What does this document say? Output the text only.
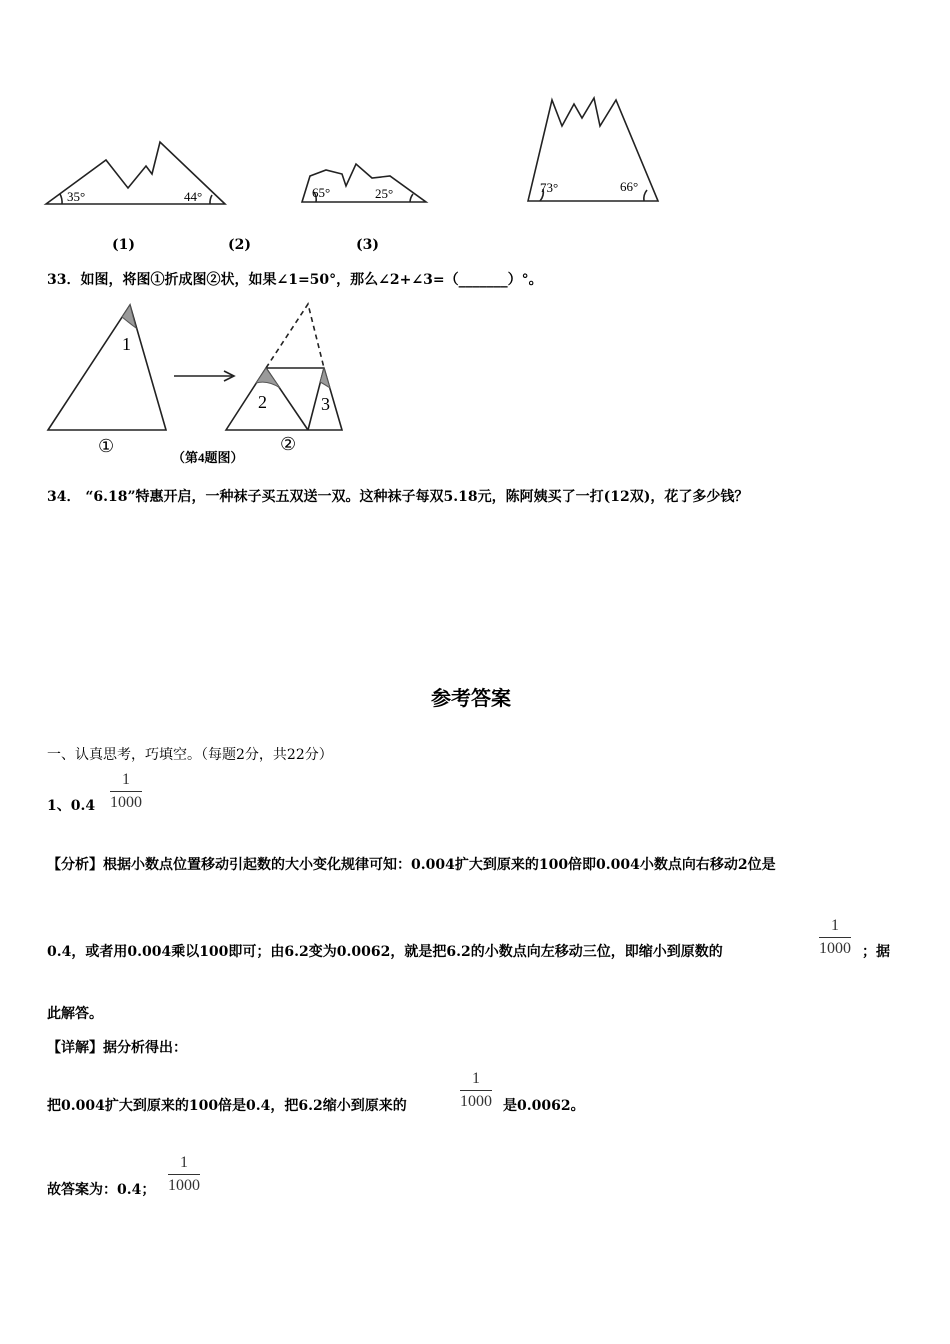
35°	44°	65°	25°	73°	66°
(1)	(2)	(3)
33．如图，将图①折成图②状，如果∠1=50°，那么∠2+∠3=（_______）°。
1
2	3
①
（第4题图）
②
34． “6.18”特惠开启，一种袜子买五双送一双。这种袜子每双5.18元，陈阿姨买了一打(12双)，花了多少钱？
参考答案
一、认真思考，巧填空。（每题2分，共22分）
1、0.4
1
1000
【分析】根据小数点位置移动引起数的大小变化规律可知：0.004扩大到原来的100倍即0.004小数点向右移动2位是
0.4，或者用0.004乘以100即可；由6.2变为0.0062，就是把6.2的小数点向左移动三位，即缩小到原数的
1
1000 ；据
此解答。
【详解】据分析得出：
把0.004扩大到原来的100倍是0.4，把6.2缩小到原来的
1
1000 是0.0062。
故答案为：0.4；
1
1000
